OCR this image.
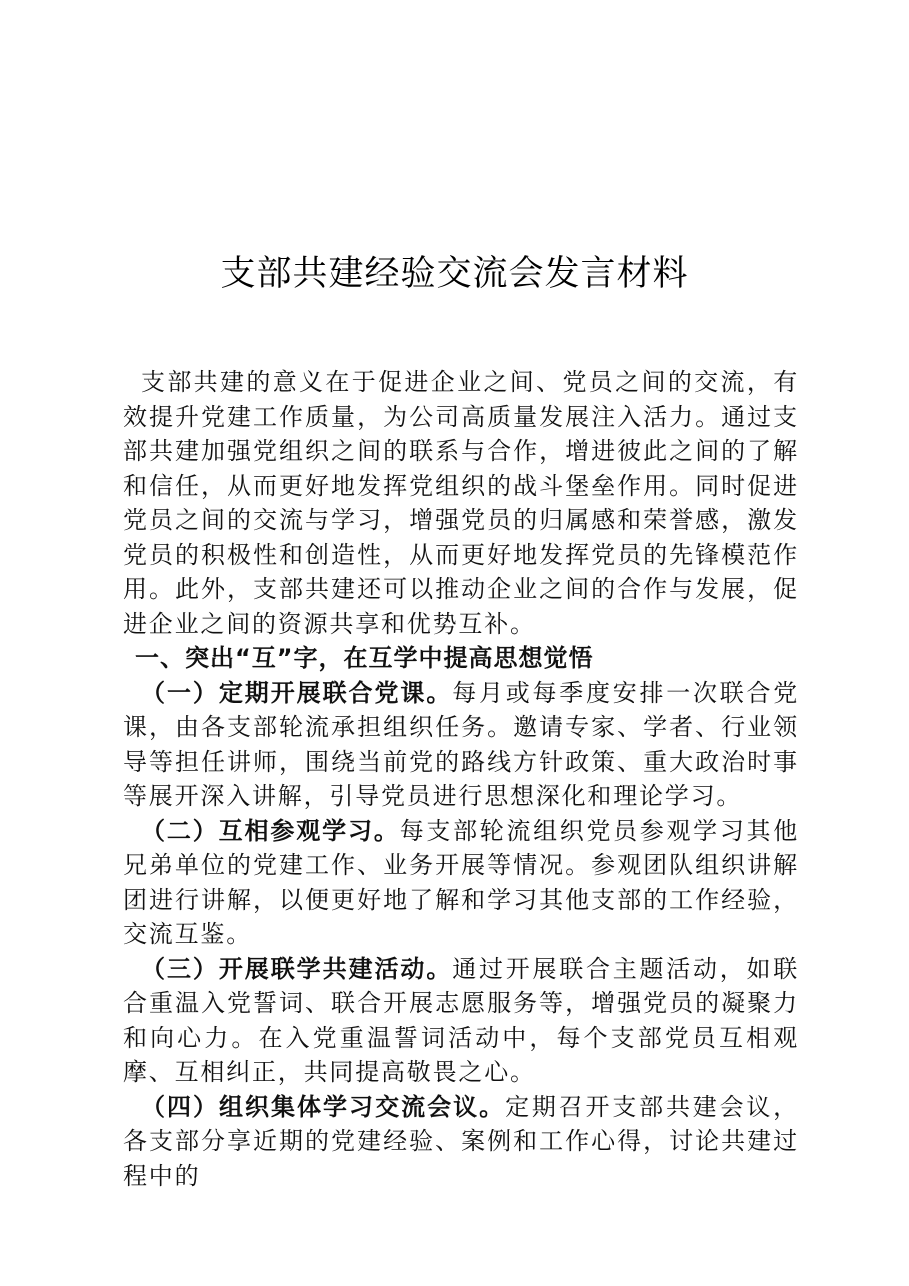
支部共建经验交流会发言材料

支部共建的意义在于促进企业之间、党员之间的交流，有效提升党建工作质量，为公司高质量发展注入活力。通过支部共建加强党组织之间的联系与合作，增进彼此之间的了解和信任，从而更好地发挥党组织的战斗堡垒作用。同时促进党员之间的交流与学习，增强党员的归属感和荣誉感，激发党员的积极性和创造性，从而更好地发挥党员的先锋模范作用。此外，支部共建还可以推动企业之间的合作与发展，促进企业之间的资源共享和优势互补。

一、突出“互”字，在互学中提高思想觉悟

（一）定期开展联合党课。每月或每季度安排一次联合党课，由各支部轮流承担组织任务。邀请专家、学者、行业领导等担任讲师，围绕当前党的路线方针政策、重大政治时事等展开深入讲解，引导党员进行思想深化和理论学习。

（二）互相参观学习。每支部轮流组织党员参观学习其他兄弟单位的党建工作、业务开展等情况。参观团队组织讲解团进行讲解，以便更好地了解和学习其他支部的工作经验，交流互鉴。

（三）开展联学共建活动。通过开展联合主题活动，如联合重温入党誓词、联合开展志愿服务等，增强党员的凝聚力和向心力。在入党重温誓词活动中，每个支部党员互相观摩、互相纠正，共同提高敬畏之心。

（四）组织集体学习交流会议。定期召开支部共建会议，各支部分享近期的党建经验、案例和工作心得，讨论共建过程中的
